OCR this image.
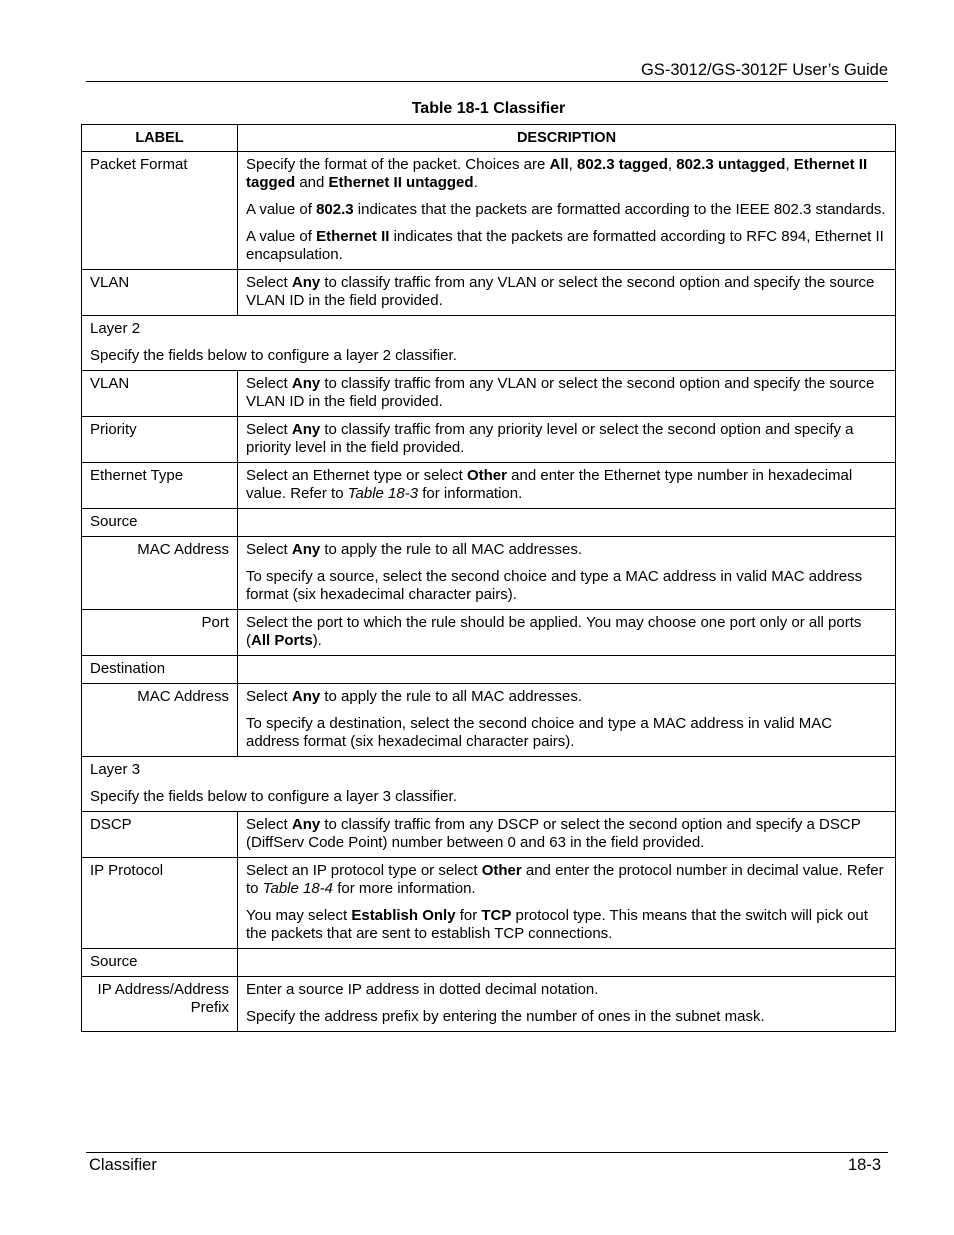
GS-3012/GS-3012F User’s Guide
Table 18-1 Classifier
LABEL	DESCRIPTION
Packet Format	Specify the format of the packet. Choices are All, 802.3 tagged, 802.3 untagged, Ethernet II tagged and Ethernet II untagged.

A value of 802.3 indicates that the packets are formatted according to the IEEE 802.3 standards.

A value of Ethernet II indicates that the packets are formatted according to RFC 894, Ethernet II encapsulation.

VLAN	Select Any to classify traffic from any VLAN or select the second option and specify the source VLAN ID in the field provided.

Layer 2

Specify the fields below to configure a layer 2 classifier.	

VLAN	Select Any to classify traffic from any VLAN or select the second option and specify the source VLAN ID in the field provided.
Priority	Select Any to classify traffic from any priority level or select the second option and specify a priority level in the field provided.
Ethernet Type	Select an Ethernet type or select Other and enter the Ethernet type number in hexadecimal value. Refer to Table 18-3 for information.
Source	
MAC Address	Select Any to apply the rule to all MAC addresses.

To specify a source, select the second choice and type a MAC address in valid MAC address format (six hexadecimal character pairs).

Port	Select the port to which the rule should be applied. You may choose one port only or all ports (All Ports).
Destination	
MAC Address	Select Any to apply the rule to all MAC addresses.

To specify a destination, select the second choice and type a MAC address in valid MAC address format (six hexadecimal character pairs).

Layer 3

Specify the fields below to configure a layer 3 classifier.	

DSCP	Select Any to classify traffic from any DSCP or select the second option and specify a DSCP (DiffServ Code Point) number between 0 and 63 in the field provided.
IP Protocol	Select an IP protocol type or select Other and enter the protocol number in decimal value. Refer to Table 18-4 for more information.

You may select Establish Only for TCP protocol type. This means that the switch will pick out the packets that are sent to establish TCP connections.

Source	
IP Address/Address Prefix	Enter a source IP address in dotted decimal notation.

Specify the address prefix by entering the number of ones in the subnet mask.

Classifier	18-3
